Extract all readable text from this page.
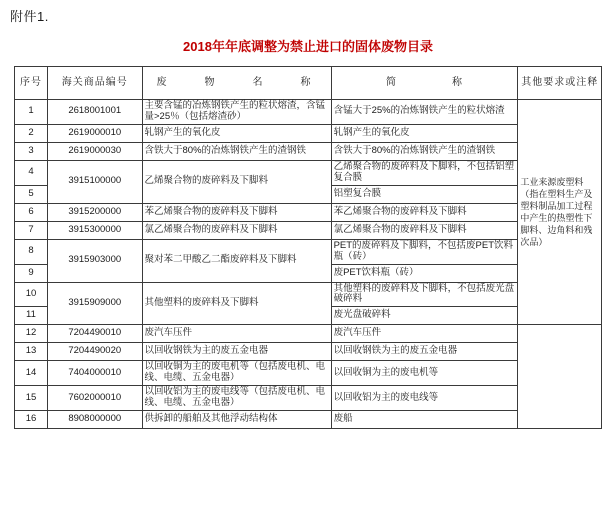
附件1.
2018年年底调整为禁止进口的固体废物目录
序号	海关商品编号	废　　物　　名　　称	简　　　　　称	其他要求或注释
1	2618001001	主要含锰的冶炼钢铁产生的粒状熔渣，含锰量>25％（包括熔渣砂）	含锰大于25%的冶炼钢铁产生的粒状熔渣	工业来源废塑料（指在塑料生产及塑料制品加工过程中产生的热塑性下脚料、边角料和残次品）
2	2619000010	轧钢产生的氧化皮	轧钢产生的氧化皮	
3	2619000030	含铁大于80%的冶炼钢铁产生的渣钢铁	含铁大于80%的冶炼钢铁产生的渣钢铁	
4	3915100000	乙烯聚合物的废碎料及下脚料	乙烯聚合物的废碎料及下脚料，不包括铝塑复合膜	
5			铝塑复合膜	
6	3915200000	苯乙烯聚合物的废碎料及下脚料	苯乙烯聚合物的废碎料及下脚料	
7	3915300000	氯乙烯聚合物的废碎料及下脚料	氯乙烯聚合物的废碎料及下脚料	
8	3915903000	聚对苯二甲酸乙二酯废碎料及下脚料	PET的废碎料及下脚料，不包括废PET饮料瓶（砖）	
9			废PET饮料瓶（砖）	
10	3915909000	其他塑料的废碎料及下脚料	其他塑料的废碎料及下脚料，不包括废光盘破碎料	
11			废光盘破碎料	
12	7204490010	废汽车压件	废汽车压件	
13	7204490020	以回收钢铁为主的废五金电器	以回收钢铁为主的废五金电器	
14	7404000010	以回收铜为主的废电机等（包括废电机、电线、电缆、五金电器）	以回收铜为主的废电机等	
15	7602000010	以回收铝为主的废电线等（包括废电机、电线、电缆、五金电器）	以回收铝为主的废电线等	
16	8908000000	供拆卸的船舶及其他浮动结构体	废船	
